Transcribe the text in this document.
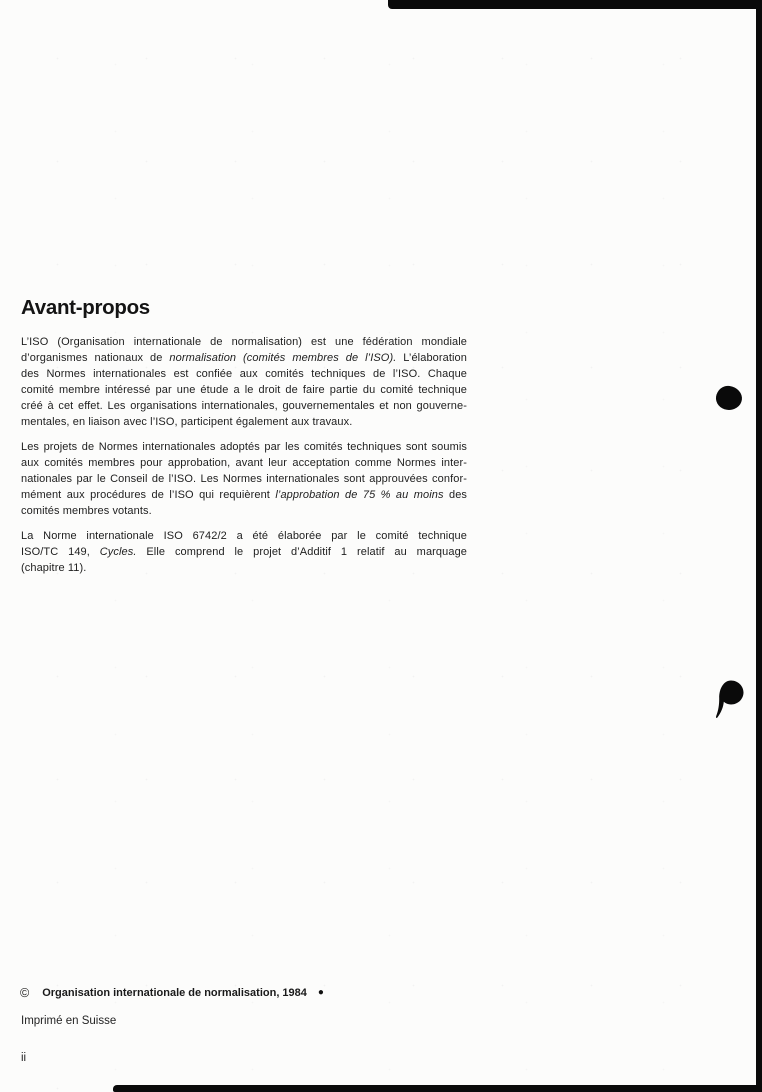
Avant-propos
L’ISO (Organisation internationale de normalisation) est une fédération mondiale
d’organismes nationaux de normalisation (comités membres de l’ISO). L’élaboration
des Normes internationales est confiée aux comités techniques de l’ISO. Chaque
comité membre intéressé par une étude a le droit de faire partie du comité technique
créé à cet effet. Les organisations internationales, gouvernementales et non gouverne-
mentales, en liaison avec l’ISO, participent également aux travaux.
Les projets de Normes internationales adoptés par les comités techniques sont soumis
aux comités membres pour approbation, avant leur acceptation comme Normes inter-
nationales par le Conseil de l’ISO. Les Normes internationales sont approuvées confor-
mément aux procédures de l’ISO qui requièrent l’approbation de 75 % au moins des
comités membres votants.
La Norme internationale ISO 6742/2 a été élaborée par le comité technique
ISO/TC 149, Cycles. Elle comprend le projet d’Additif 1 relatif au marquage
(chapitre 11).
© Organisation internationale de normalisation, 1984 ●
Imprimé en Suisse
ii
